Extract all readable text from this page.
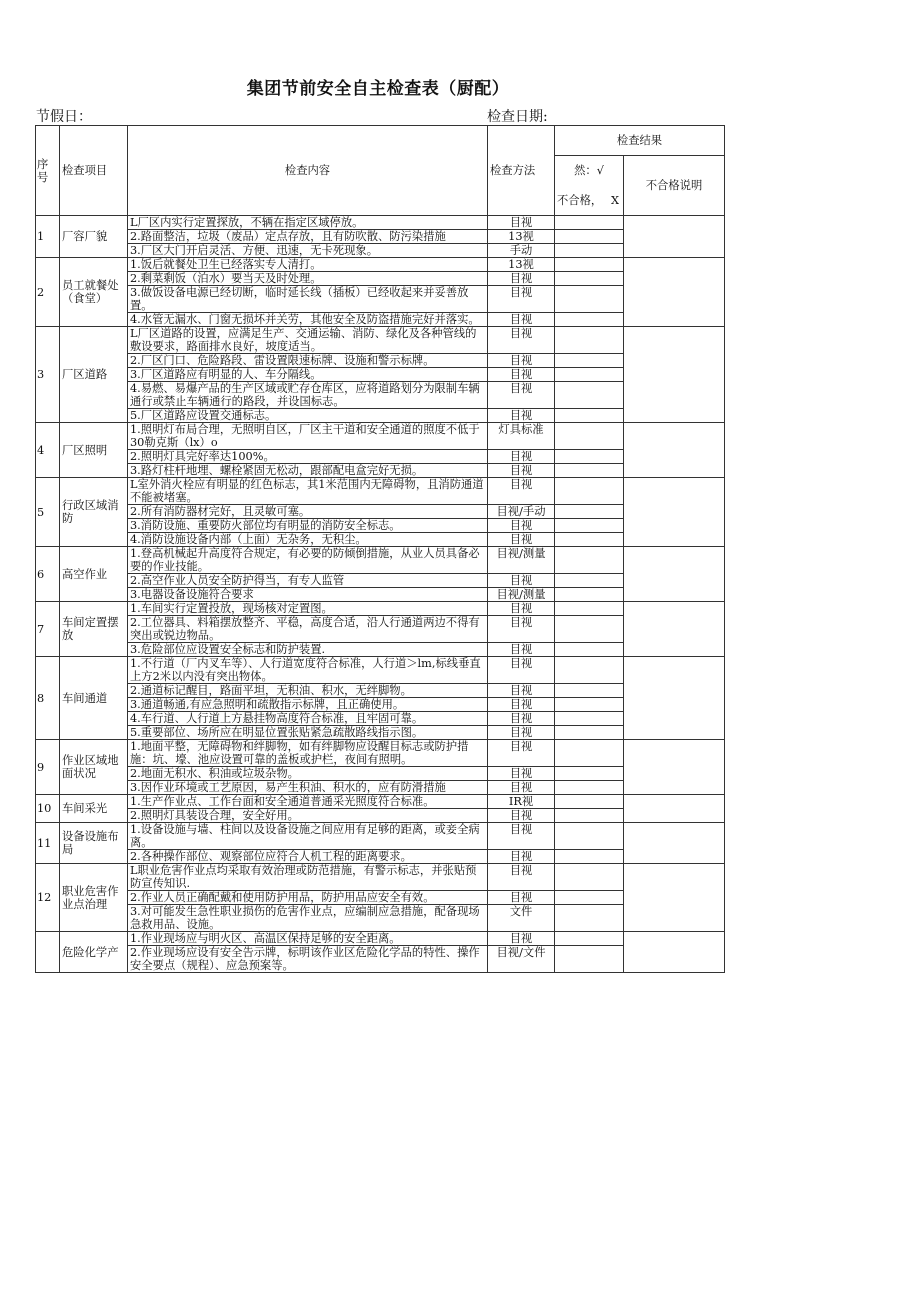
集团节前安全自主检查表（厨配）
节假日：	检查日期:
序号	检查项目	检查内容	检查方法	检查结果	

				然：√	不合格说明

				不合格， X	

1	厂容厂貌	L厂区内实行定置探放，不辆在指定区域停放。	目视		
		2.路面整洁，垃圾（废品）定点存放，且有防吹散、防污染措施	13视		
		3.厂区大门开启灵活、方便、迅速，无卡死现象。	手动		
2	员工就餐处（食堂）	1.饭后就餐处卫生已经落实专人清打。	13视		
		2.剩菜剩饭（泊水）要当天及时处理。	目视		
		3.做饭设备电源已经切断，临时延长线（插板）已经收起来并妥善放置。	目视		
		4.水管无漏水、门窗无损坏并关劳，其他安全及防盗措施完好并落实。	目视		
3	厂区道路	L厂区道路的设置，应满足生产、交通运输、消防、绿化及各种管线的敷设要求，路面排水良好，坡度适当。	目视		
		2.厂区门口、危险路段、雷设置限速标牌、设施和警示标牌。	目视		
		3.厂区道路应有明显的人、车分隔线。	目视		
		4.易燃、易爆产品的生产区域或贮存仓库区，应将道路划分为限制车辆通行或禁止车辆通行的路段，并设国标志。	目视		
		5.厂区道路应设置交通标志。	目视		
4	厂区照明	1.照明灯布局合理，无照明自区，厂区主干道和安全通道的照度不低于30勒克斯（lx）o	灯具标准		
		2.照明灯具完好率达100%。	目视		
		3.路灯柱杆地埋、螺栓紧固无松动，跟部配电盒完好无损。	目视		
5	行政区域消防	L室外消火栓应有明显的红色标志，其1米范围内无障碍物，且消防通道不能被堵塞。	目视		
		2.所有消防器材完好，且灵敏可塞。	目视/手动		
		3.消防设施、重要防火部位均有明显的消防安全标志。	目视		
		4.消防设施设备内部（上面）无杂务，无积尘。	目视		
6	高空作业	1.登高机械起升高度符合规定，有必要的防倾倒措施，从业人员具备必要的作业技能。	目视/测量		
		2.高空作业人员安全防护得当，有专人监管	目视		
		3.电器设备设施符合要求	目视/测量		
7	车间定置摆放	1.车间实行定置投放，现场核对定置图。	目视		
		2.工位器具、料箱摆放整齐、平稳，高度合适，沿人行通道两边不得有突出或锐边物品。	目视		
		3.危险部位应设置安全标志和防护装置.	目视		
8	车间通道	1.不行道（厂内叉车等）、人行道宽度符合标准，人行道＞lm,标线垂直上方2米以内没有突出物体。	目视		
		2.通道标记醒目，路面平坦，无积油、积水，无绊脚物。	目视		
		3.通道畅通,有应急照明和疏散指示标牌，且正确使用。	目视		
		4.车行道、人行道上方悬挂物高度符合标准，且牢固可靠。	目视		
		5.重要部位、场所应在明显位置张贴紧急疏散路线指示图。	目视		
9	作业区域地面状况	1.地面平整，无障碍物和绊脚物，如有绊脚物应设醒目标志或防护措施：坑、壕、池应设置可靠的盖板或护栏，夜间有照明。	目视		
		2.地面无积水、积油或垃圾杂物。	目视		
		3.因作业环境或工艺原因，易产生积油、积水的，应有防滑措施	目视		
10	车间采光	1.生产作业点、工作台面和安全通道普通采光照度符合标准。	IR视		
		2.照明灯具装设合理，安全好用。	目视		
11	设备设施布局	1.设备设施与墙、柱间以及设备设施之间应用有足够的距离，或妾全病离。	目视		
		2.各种操作部位、观察部位应符合人机工程的距离要求。	目视		
12	职业危害作业点治理	L职业危害作业点均采取有效治理或防范措施，有警示标志，并张贴预防宣传知识.	目视		
		2.作业人员正确配戴和使用防护用品，防护用品应安全有效。	目视		
		3.对可能发生急性职业损伤的危害作业点，应编制应急措施，配备现场急救用品、设施。	文件		
	危险化学产	1.作业现场应与明火区、高温区保持足够的安全距离。	目视		
		2.作业现场应设有安全告示牌，标明该作业区危险化学品的特性、操作安全要点（规程）、应急预案等。	目视/文件		
